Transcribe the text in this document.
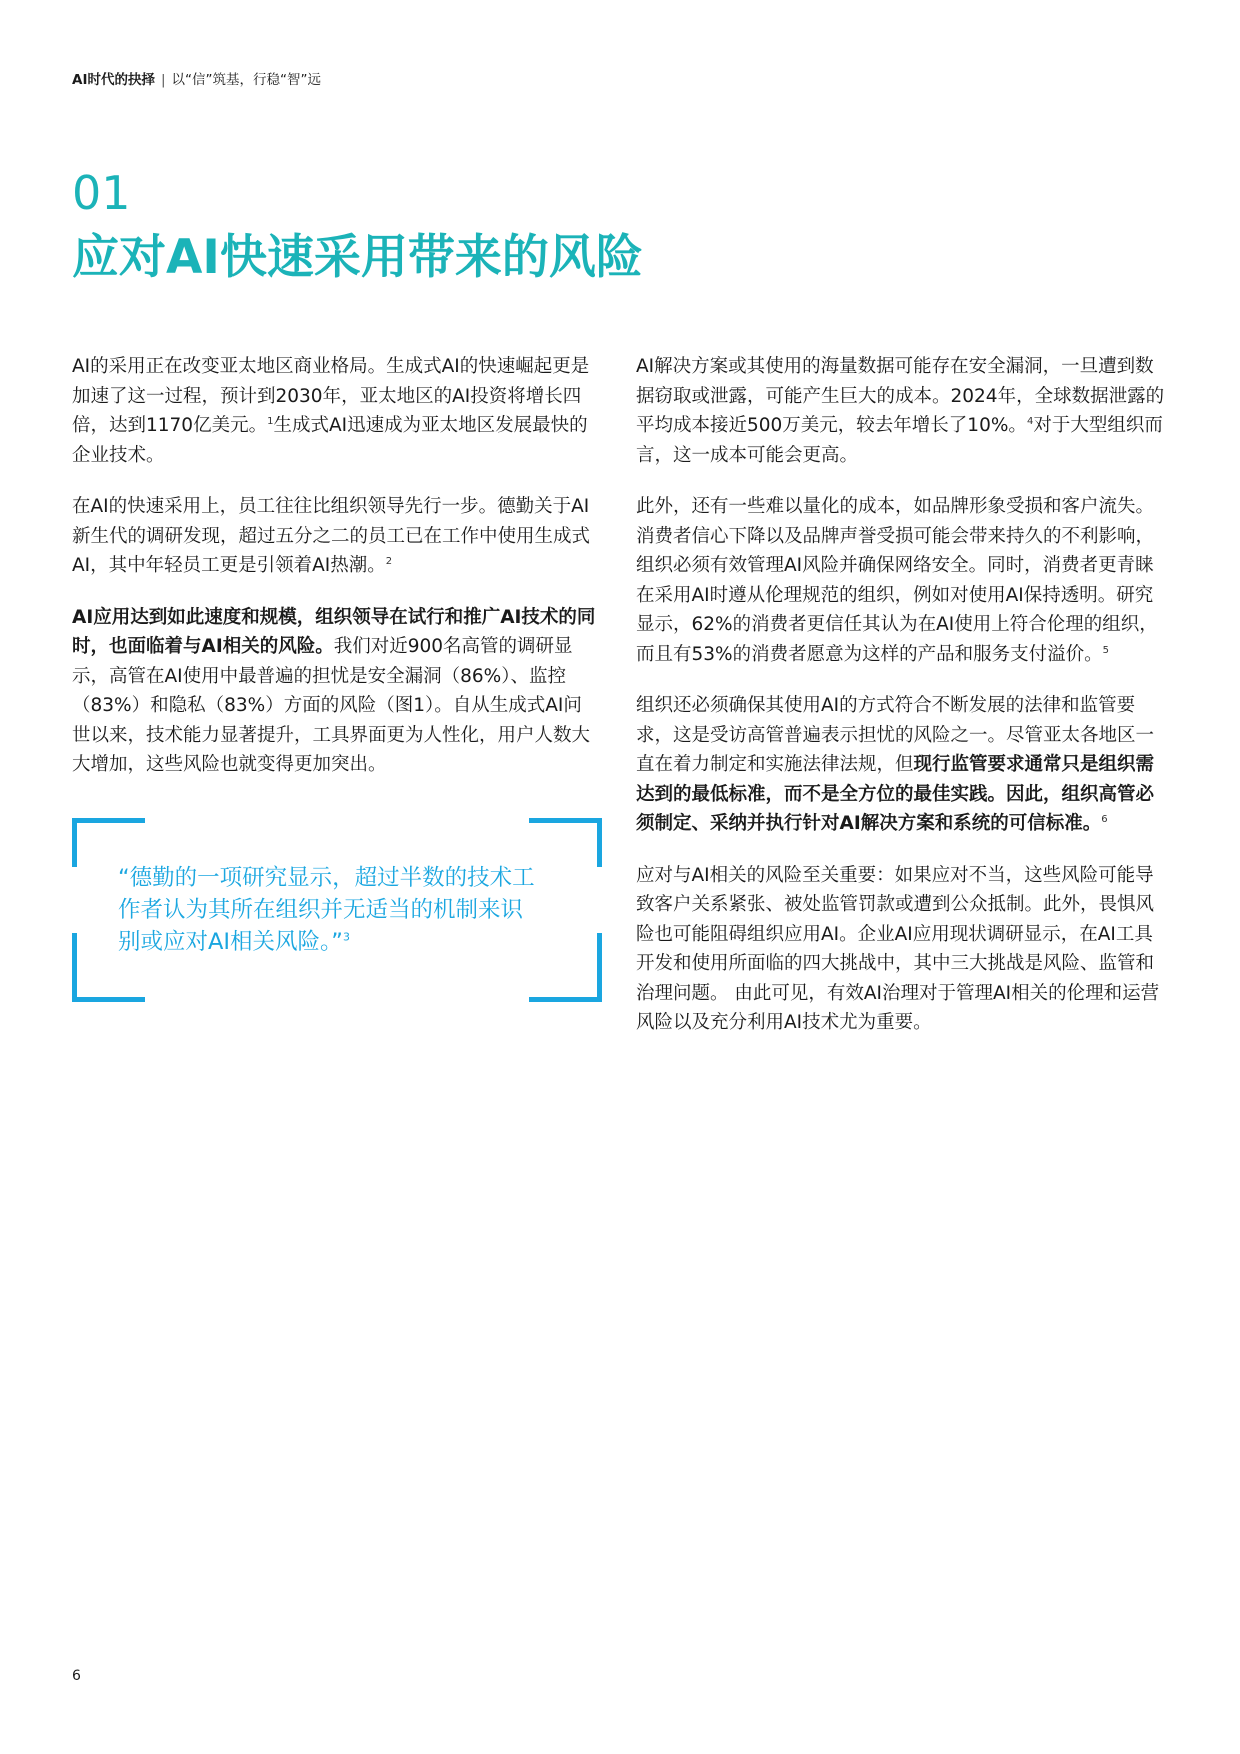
AI时代的抉择 | 以“信”筑基，行稳“智”远
01
应对AI快速采用带来的风险

AI的采用正在改变亚太地区商业格局。生成式AI的快速崛起更是加速了这一过程，预计到2030年，亚太地区的AI投资将增长四倍，达到1170亿美元。$^1$生成式AI迅速成为亚太地区发展最快的企业技术。

在AI的快速采用上，员工往往比组织领导先行一步。德勤关于AI新生代的调研发现，超过五分之二的员工已在工作中使用生成式AI，其中年轻员工更是引领着AI热潮。$^2$

AI应用达到如此速度和规模，组织领导在试行和推广AI技术的同时，也面临着与AI相关的风险。我们对近900名高管的调研显示，高管在AI使用中最普遍的担忧是安全漏洞（86%）、监控（83%）和隐私（83%）方面的风险（图1）。自从生成式AI问世以来，技术能力显著提升，工具界面更为人性化，用户人数大大增加，这些风险也就变得更加突出。

“德勤的一项研究显示，超过半数的技术工作者认为其所在组织并无适当的机制来识别或应对AI相关风险。”$^3$

AI解决方案或其使用的海量数据可能存在安全漏洞，一旦遭到数据窃取或泄露，可能产生巨大的成本。2024年，全球数据泄露的平均成本接近500万美元，较去年增长了10%。$^4$对于大型组织而言，这一成本可能会更高。

此外，还有一些难以量化的成本，如品牌形象受损和客户流失。消费者信心下降以及品牌声誉受损可能会带来持久的不利影响，组织必须有效管理AI风险并确保网络安全。同时，消费者更青睐在采用AI时遵从伦理规范的组织，例如对使用AI保持透明。研究显示，62%的消费者更信任其认为在AI使用上符合伦理的组织，而且有53%的消费者愿意为这样的产品和服务支付溢价。$^5$

组织还必须确保其使用AI的方式符合不断发展的法律和监管要求，这是受访高管普遍表示担忧的风险之一。尽管亚太各地区一直在着力制定和实施法律法规，但现行监管要求通常只是组织需达到的最低标准，而不是全方位的最佳实践。因此，组织高管必须制定、采纳并执行针对AI解决方案和系统的可信标准。$^6$

应对与AI相关的风险至关重要：如果应对不当，这些风险可能导致客户关系紧张、被处监管罚款或遭到公众抵制。此外，畏惧风险也可能阻碍组织应用AI。企业AI应用现状调研显示，在AI工具开发和使用所面临的四大挑战中，其中三大挑战是风险、监管和治理问题。 由此可见，有效AI治理对于管理AI相关的伦理和运营风险以及充分利用AI技术尤为重要。

6
